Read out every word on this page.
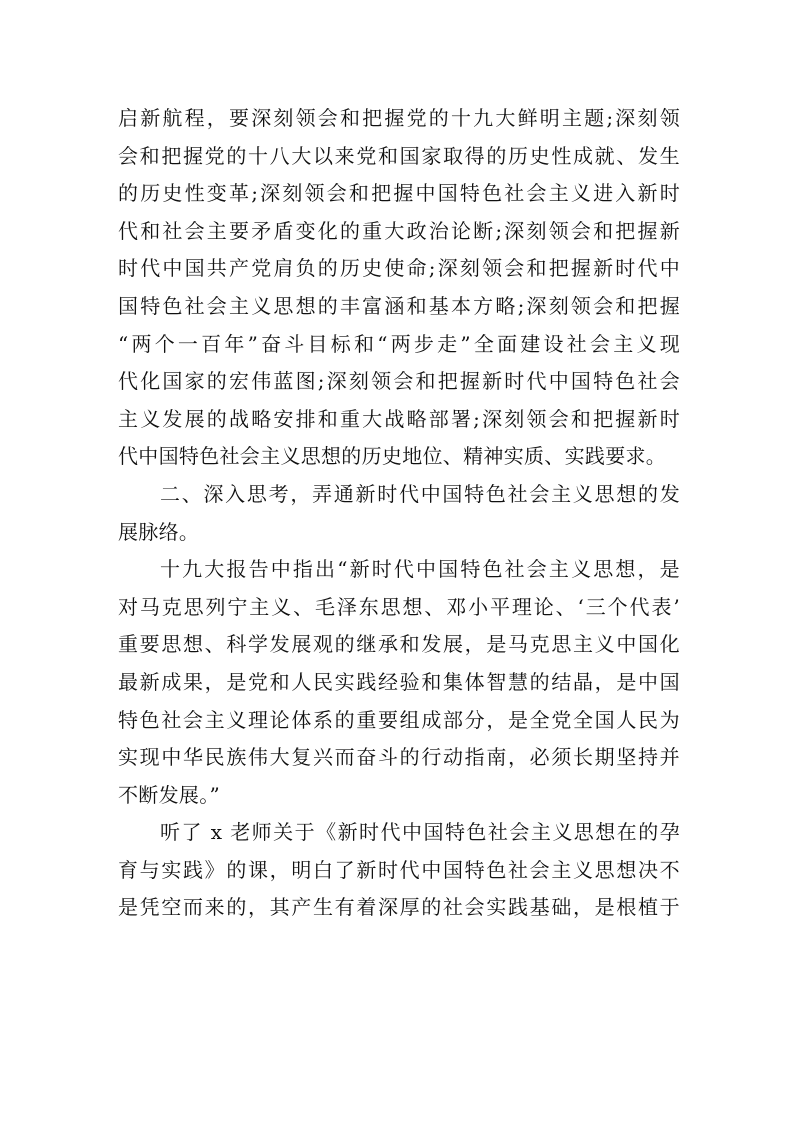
启新航程，要深刻领会和把握党的十九大鲜明主题;深刻领
会和把握党的十八大以来党和国家取得的历史性成就、发生
的历史性变革;深刻领会和把握中国特色社会主义进入新时
代和社会主要矛盾变化的重大政治论断;深刻领会和把握新
时代中国共产党肩负的历史使命;深刻领会和把握新时代中
国特色社会主义思想的丰富涵和基本方略;深刻领会和把握
“两个一百年”奋斗目标和“两步走”全面建设社会主义现
代化国家的宏伟蓝图;深刻领会和把握新时代中国特色社会
主义发展的战略安排和重大战略部署;深刻领会和把握新时
代中国特色社会主义思想的历史地位、精神实质、实践要求。
二、深入思考，弄通新时代中国特色社会主义思想的发
展脉络。
十九大报告中指出“新时代中国特色社会主义思想，是
对马克思列宁主义、毛泽东思想、邓小平理论、‘三个代表’
重要思想、科学发展观的继承和发展，是马克思主义中国化
最新成果，是党和人民实践经验和集体智慧的结晶，是中国
特色社会主义理论体系的重要组成部分，是全党全国人民为
实现中华民族伟大复兴而奋斗的行动指南，必须长期坚持并
不断发展。”
听了 x 老师关于《新时代中国特色社会主义思想在的孕
育与实践》的课，明白了新时代中国特色社会主义思想决不
是凭空而来的，其产生有着深厚的社会实践基础，是根植于
